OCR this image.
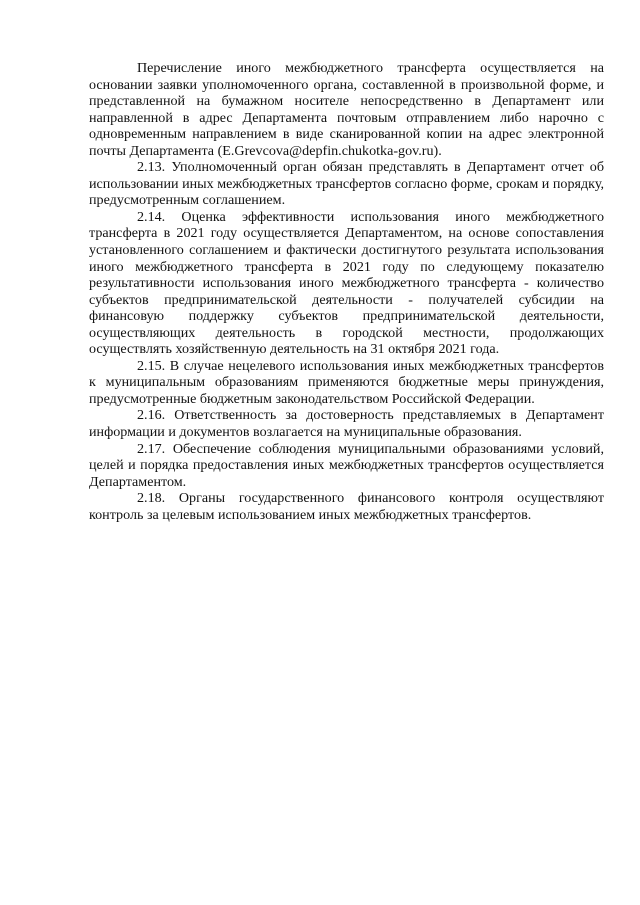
Перечисление иного межбюджетного трансферта осуществляется на основании заявки уполномоченного органа, составленной в произвольной форме, и представленной на бумажном носителе непосредственно в Департамент или направленной в адрес Департамента почтовым отправлением либо нарочно с одновременным направлением в виде сканированной копии на адрес электронной почты Департамента (E.Grevcova@depfin.chukotka-gov.ru).

2.13. Уполномоченный орган обязан представлять в Департамент отчет об использовании иных межбюджетных трансфертов согласно форме, срокам и порядку, предусмотренным соглашением.

2.14. Оценка эффективности использования иного межбюджетного трансферта в 2021 году осуществляется Департаментом, на основе сопоставления установленного соглашением и фактически достигнутого результата использования иного межбюджетного трансферта в 2021 году по следующему показателю результативности использования иного межбюджетного трансферта - количество субъектов предпринимательской деятельности - получателей субсидии на финансовую поддержку субъектов предпринимательской деятельности, осуществляющих деятельность в городской местности, продолжающих осуществлять хозяйственную деятельность на 31 октября 2021 года.

2.15. В случае нецелевого использования иных межбюджетных трансфертов к муниципальным образованиям применяются бюджетные меры принуждения, предусмотренные бюджетным законодательством Российской Федерации.

2.16. Ответственность за достоверность представляемых в Департамент информации и документов возлагается на муниципальные образования.

2.17. Обеспечение соблюдения муниципальными образованиями условий, целей и порядка предоставления иных межбюджетных трансфертов осуществляется Департаментом.

2.18. Органы государственного финансового контроля осуществляют контроль за целевым использованием иных межбюджетных трансфертов.
